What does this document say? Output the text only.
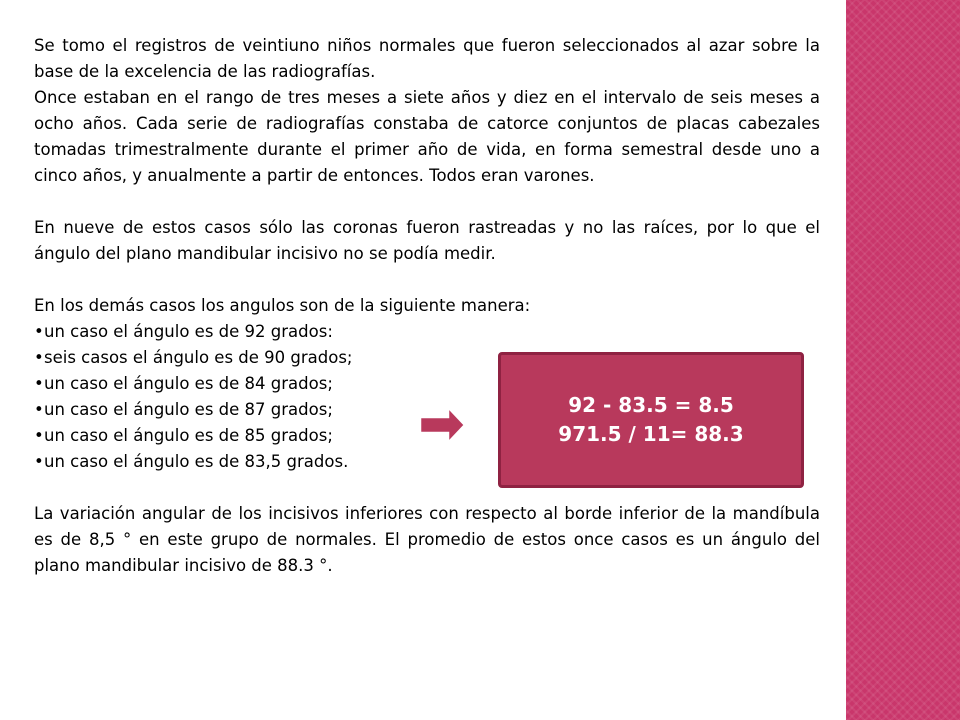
Se tomo el registros de veintiuno niños normales que fueron seleccionados al azar sobre la base de la excelencia de las radiografías.

Once estaban en el rango de tres meses a siete años y diez en el intervalo de seis meses a ocho años. Cada serie de radiografías constaba de catorce conjuntos de placas cabezales tomadas trimestralmente durante el primer año de vida, en forma semestral desde uno a cinco años, y anualmente a partir de entonces. Todos eran varones.

En nueve de estos casos sólo las coronas fueron rastreadas y no las raíces, por lo que el ángulo del plano mandibular incisivo no se podía medir.

En los demás casos los angulos son de la siguiente manera:

•un caso el ángulo es de 92 grados:
•seis casos el ángulo es de 90 grados;
•un caso el ángulo es de 84 grados;
•un caso el ángulo es de 87 grados;
•un caso el ángulo es de 85 grados;
•un caso el ángulo es de 83,5 grados.

La variación angular de los incisivos inferiores con respecto al borde inferior de la mandíbula es de 8,5 ° en este grupo de normales. El promedio de estos once casos es un ángulo del plano mandibular incisivo de 88.3 °.

92 - 83.5 = 8.5
971.5 / 11= 88.3
